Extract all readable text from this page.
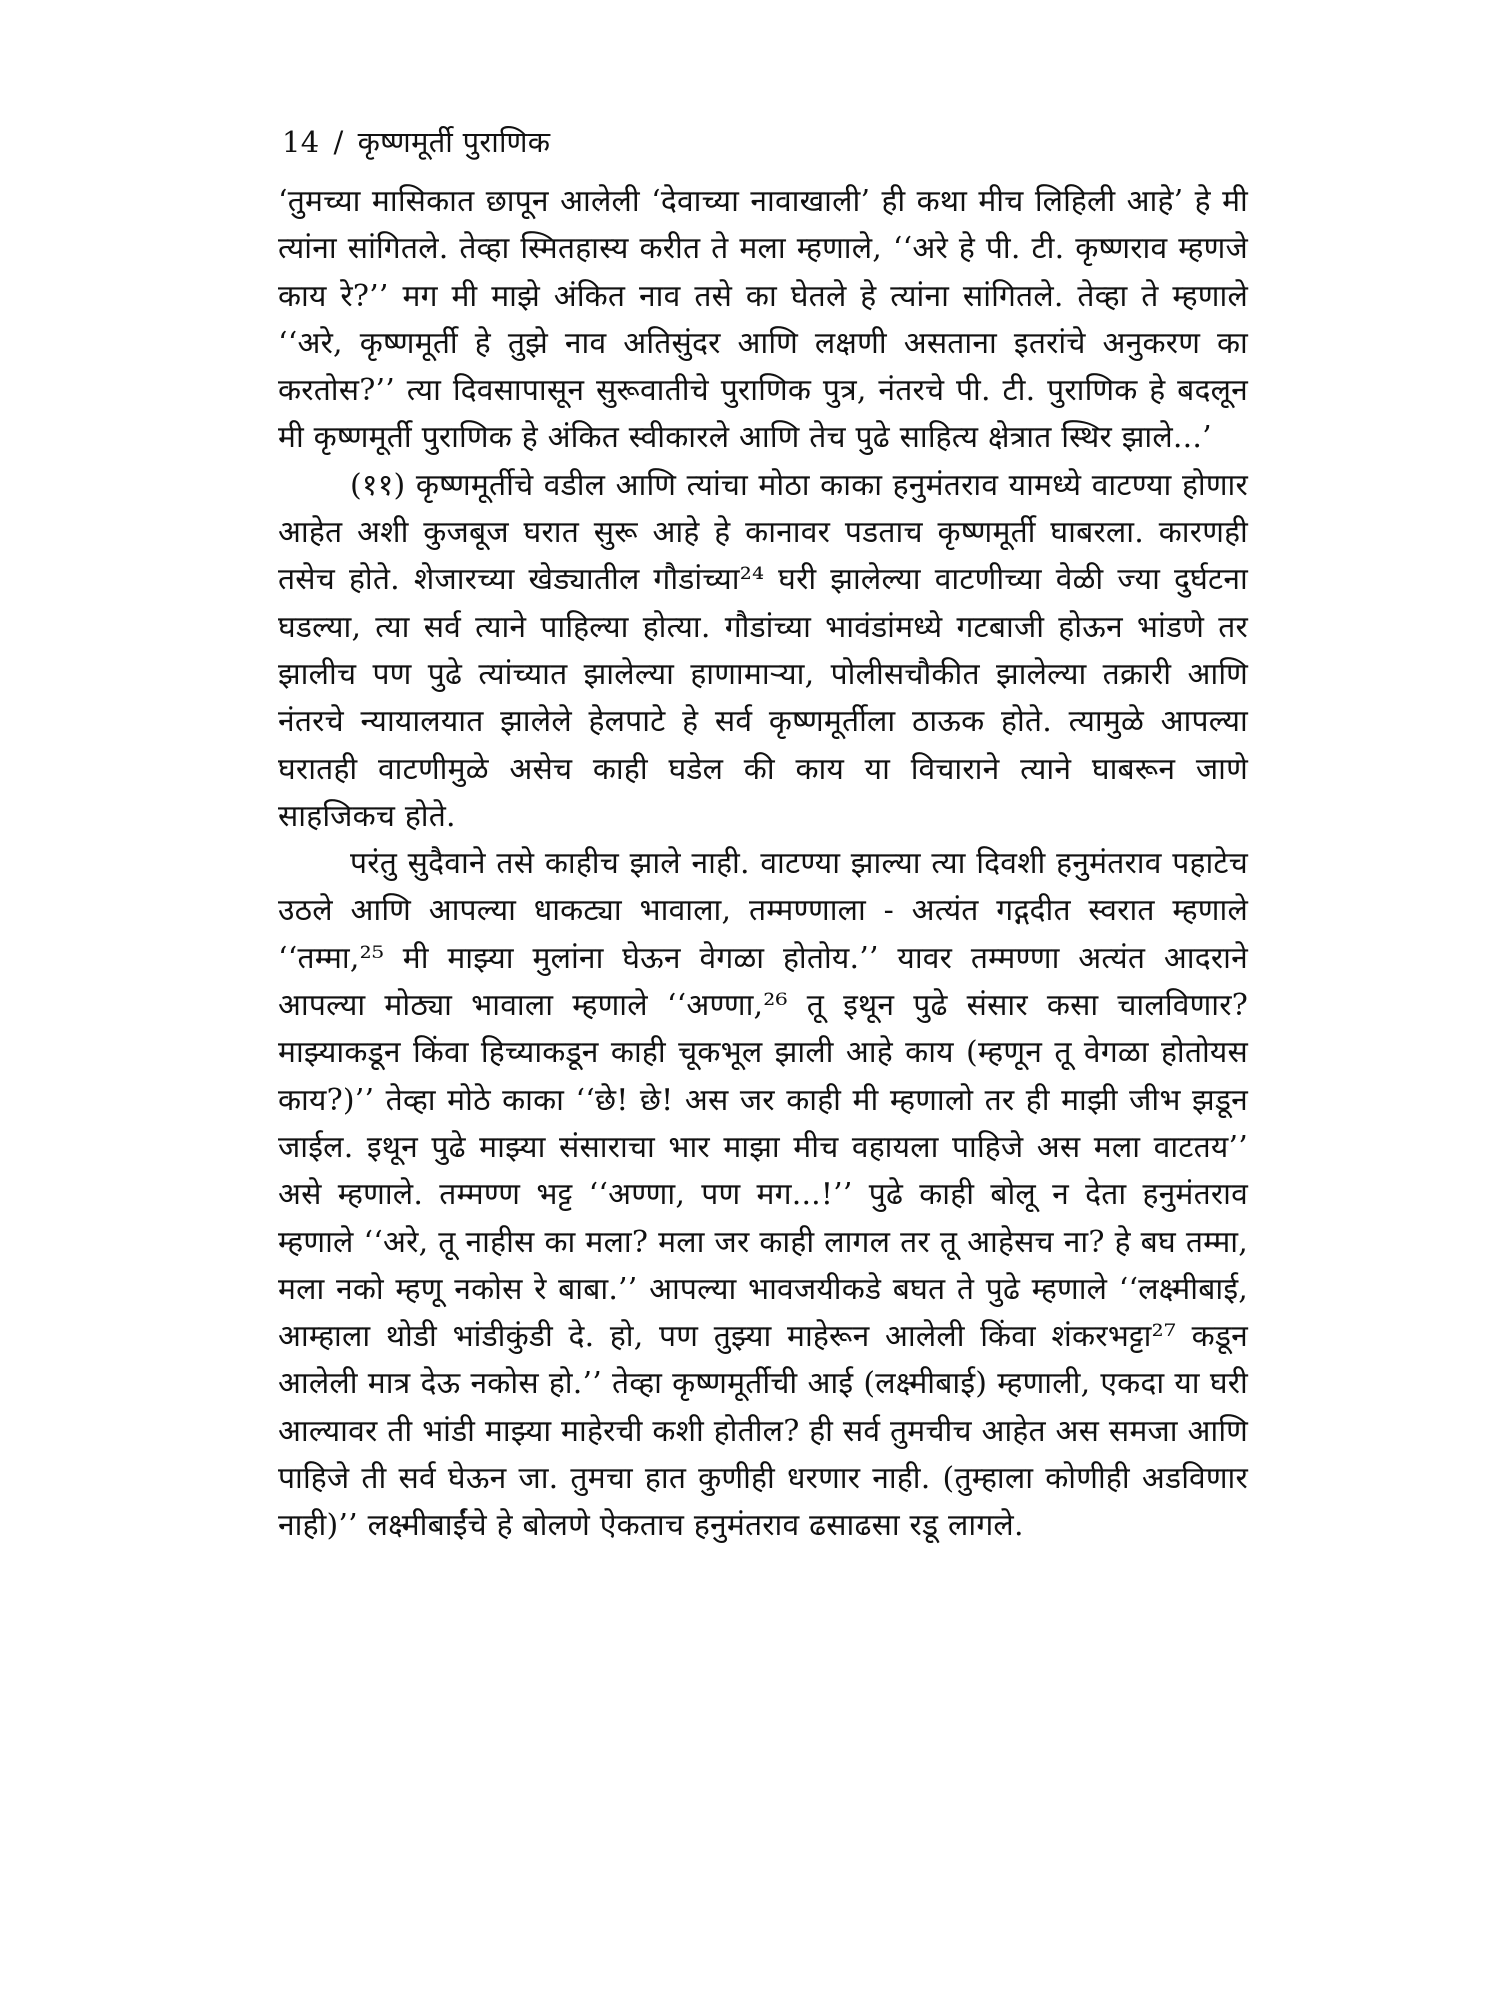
14 / कृष्णमूर्ती पुराणिक

‘तुमच्या मासिकात छापून आलेली ‘देवाच्या नावाखाली’ ही कथा मीच लिहिली आहे’ हे मी त्यांना सांगितले. तेव्हा स्मितहास्य करीत ते मला म्हणाले, ‘‘अरे हे पी. टी. कृष्णराव म्हणजे काय रे?’’ मग मी माझे अंकित नाव तसे का घेतले हे त्यांना सांगितले. तेव्हा ते म्हणाले ‘‘अरे, कृष्णमूर्ती हे तुझे नाव अतिसुंदर आणि लक्षणी असताना इतरांचे अनुकरण का करतोस?’’ त्या दिवसापासून सुरूवातीचे पुराणिक पुत्र, नंतरचे पी. टी. पुराणिक हे बदलून मी कृष्णमूर्ती पुराणिक हे अंकित स्वीकारले आणि तेच पुढे साहित्य क्षेत्रात स्थिर झाले...’

(११) कृष्णमूर्तीचे वडील आणि त्यांचा मोठा काका हनुमंतराव यामध्ये वाटण्या होणार आहेत अशी कुजबूज घरात सुरू आहे हे कानावर पडताच कृष्णमूर्ती घाबरला. कारणही तसेच होते. शेजारच्या खेड्यातील गौडांच्या²⁴ घरी झालेल्या वाटणीच्या वेळी ज्या दुर्घटना घडल्या, त्या सर्व त्याने पाहिल्या होत्या. गौडांच्या भावंडांमध्ये गटबाजी होऊन भांडणे तर झालीच पण पुढे त्यांच्यात झालेल्या हाणामाऱ्या, पोलीसचौकीत झालेल्या तक्रारी आणि नंतरचे न्यायालयात झालेले हेलपाटे हे सर्व कृष्णमूर्तीला ठाऊक होते. त्यामुळे आपल्या घरातही वाटणीमुळे असेच काही घडेल की काय या विचाराने त्याने घाबरून जाणे साहजिकच होते.

परंतु सुदैवाने तसे काहीच झाले नाही. वाटण्या झाल्या त्या दिवशी हनुमंतराव पहाटेच उठले आणि आपल्या धाकट्या भावाला, तम्मण्णाला - अत्यंत गद्गदीत स्वरात म्हणाले ‘‘तम्मा,²⁵ मी माझ्या मुलांना घेऊन वेगळा होतोय.’’ यावर तम्मण्णा अत्यंत आदराने आपल्या मोठ्या भावाला म्हणाले ‘‘अण्णा,²⁶ तू इथून पुढे संसार कसा चालविणार? माझ्याकडून किंवा हिच्याकडून काही चूकभूल झाली आहे काय (म्हणून तू वेगळा होतोयस काय?)’’ तेव्हा मोठे काका ‘‘छे! छे! अस जर काही मी म्हणालो तर ही माझी जीभ झडून जाईल. इथून पुढे माझ्या संसाराचा भार माझा मीच वहायला पाहिजे अस मला वाटतय’’ असे म्हणाले. तम्मण्ण भट्ट ‘‘अण्णा, पण मग...!’’ पुढे काही बोलू न देता हनुमंतराव म्हणाले ‘‘अरे, तू नाहीस का मला? मला जर काही लागल तर तू आहेसच ना? हे बघ तम्मा, मला नको म्हणू नकोस रे बाबा.’’ आपल्या भावजयीकडे बघत ते पुढे म्हणाले ‘‘लक्ष्मीबाई, आम्हाला थोडी भांडीकुंडी दे. हो, पण तुझ्या माहेरून आलेली किंवा शंकरभट्टा²⁷ कडून आलेली मात्र देऊ नकोस हो.’’ तेव्हा कृष्णमूर्तीची आई (लक्ष्मीबाई) म्हणाली, एकदा या घरी आल्यावर ती भांडी माझ्या माहेरची कशी होतील? ही सर्व तुमचीच आहेत अस समजा आणि पाहिजे ती सर्व घेऊन जा. तुमचा हात कुणीही धरणार नाही. (तुम्हाला कोणीही अडविणार नाही)’’ लक्ष्मीबाईंचे हे बोलणे ऐकताच हनुमंतराव ढसाढसा रडू लागले.
